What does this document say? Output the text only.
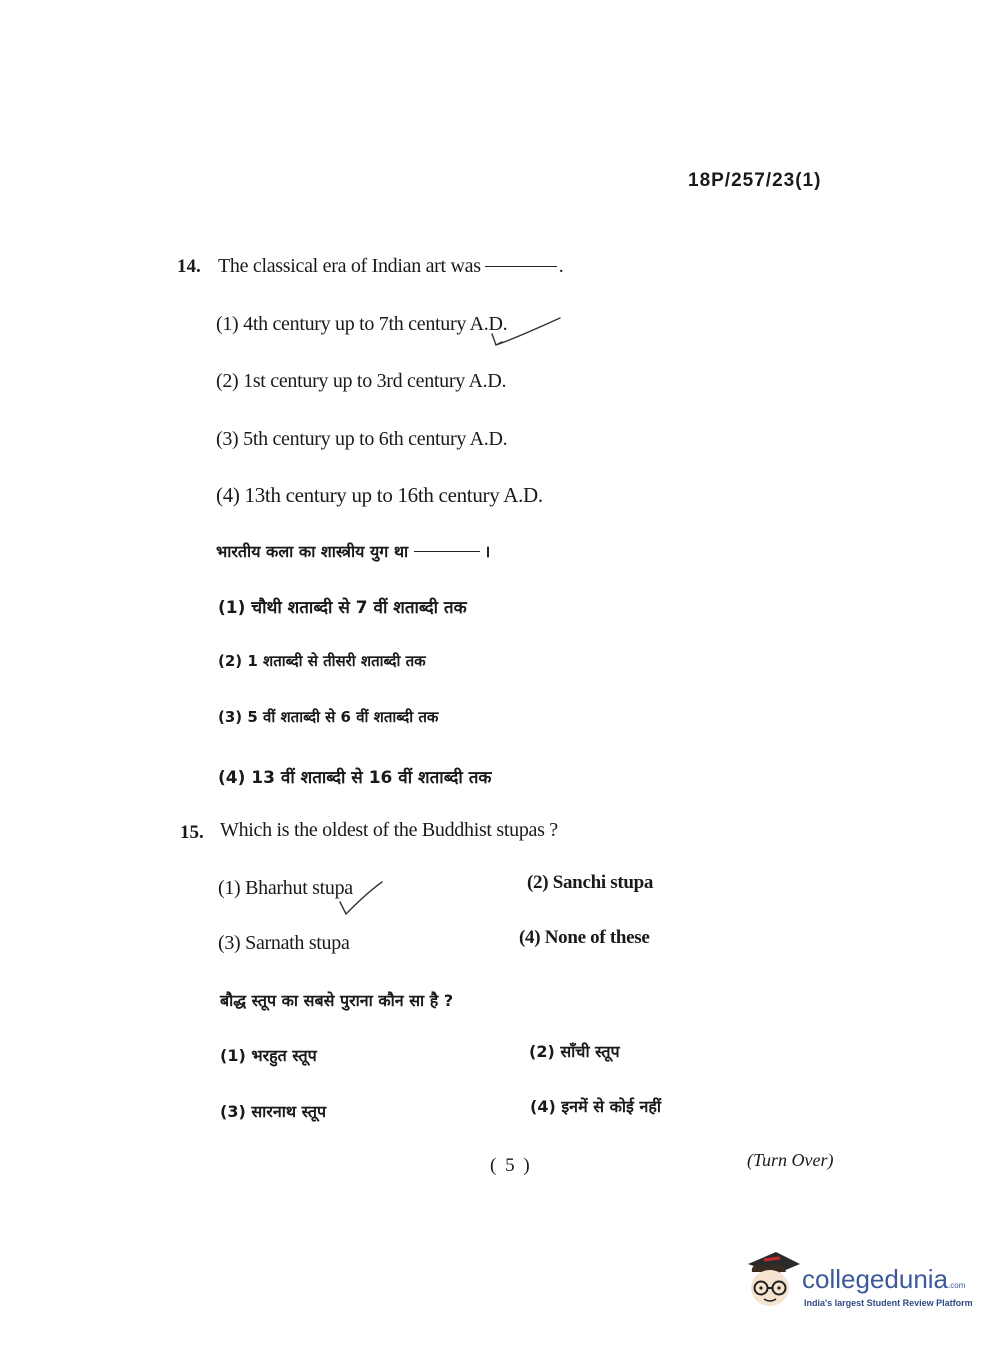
18P/257/23(1)
14. The classical era of Indian art was	.
(1) 4th century up to 7th century A.D.
(2) 1st century up to 3rd century A.D.
(3) 5th century up to 6th century A.D.
(4) 13th century up to 16th century A.D.
भारतीय कला का शास्त्रीय युग था	।
(1) चौथी शताब्दी से 7 वीं शताब्दी तक
(2) 1 शताब्दी से तीसरी शताब्दी तक
(3) 5 वीं शताब्दी से 6 वीं शताब्दी तक
(4) 13 वीं शताब्दी से 16 वीं शताब्दी तक
15. Which is the oldest of the Buddhist stupas ?
(1) Bharhut stupa	(2) Sanchi stupa
(3) Sarnath stupa	(4) None of these
बौद्ध स्तूप का सबसे पुराना कौन सा है ?
(1) भरहुत स्तूप	(2) साँची स्तूप
(3) सारनाथ स्तूप	(4) इनमें से कोई नहीं
( 5 )	(Turn Over)
collegedunia.com
India's largest Student Review Platform
